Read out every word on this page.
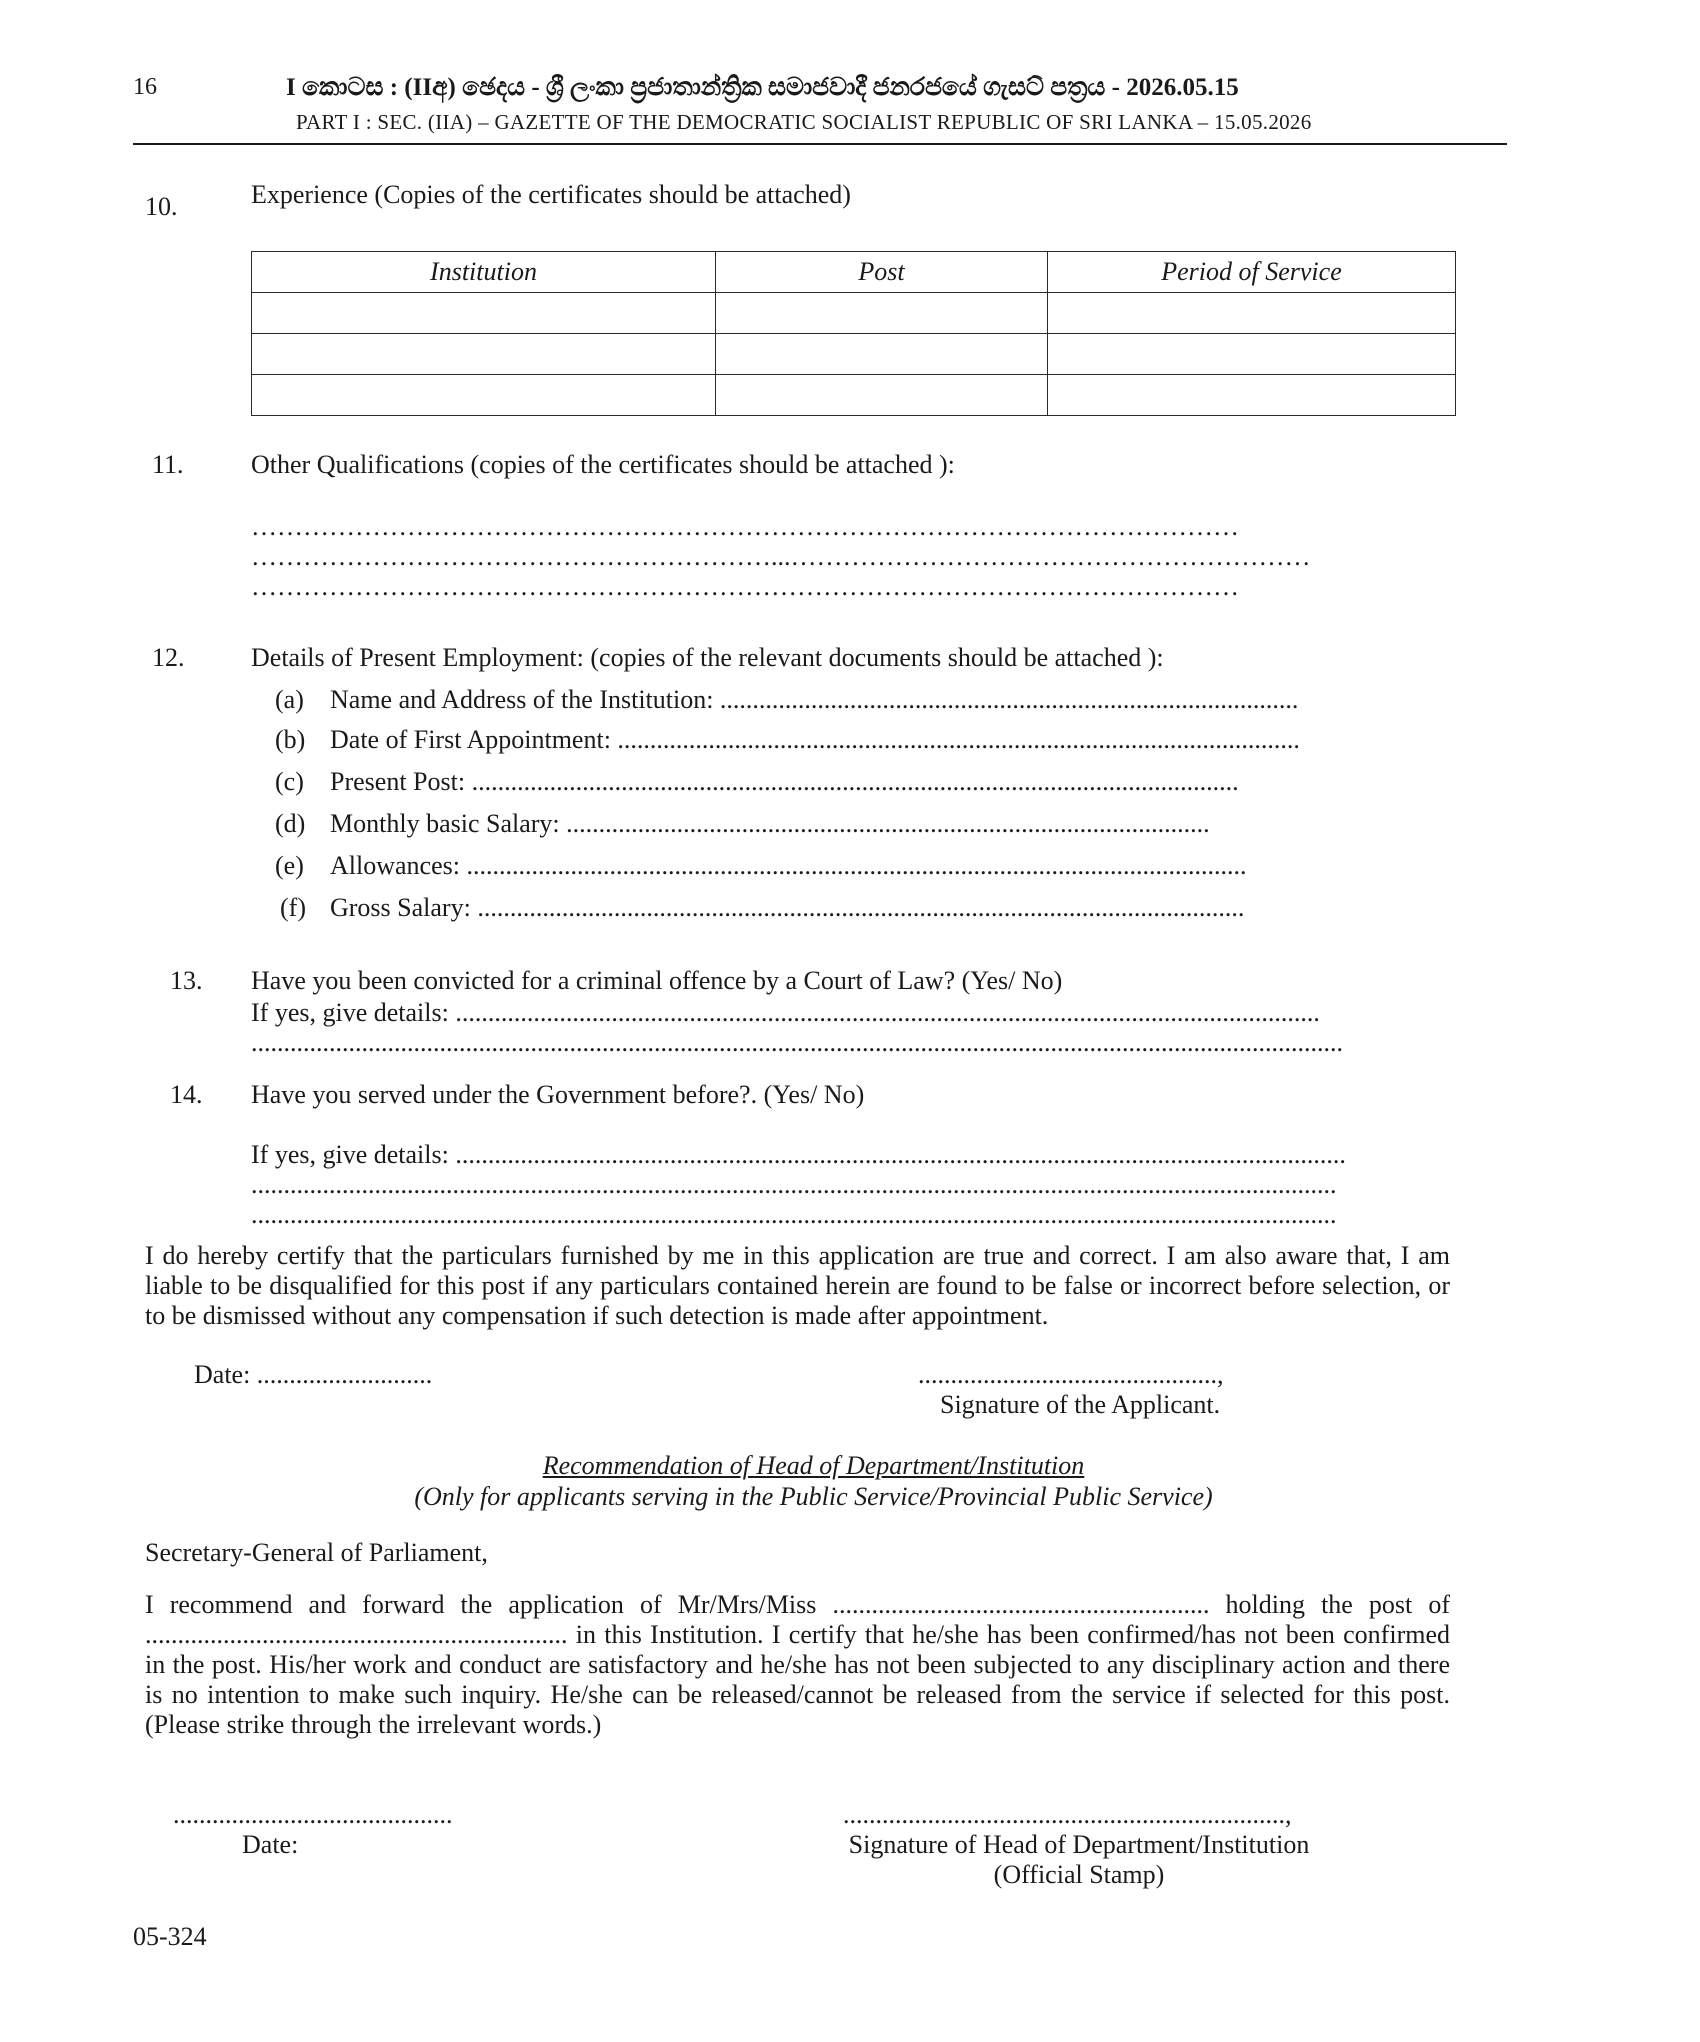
16	I කොටස : (IIඅ) ඡෙදය - ශ්‍රී ලංකා ප්‍රජාතාන්ත්‍රික සමාජවාදී ජනරජයේ ගැසට් පත්‍රය - 2026.05.15
PART I : SEC. (IIA) – GAZETTE OF THE DEMOCRATIC SOCIALIST REPUBLIC OF SRI LANKA – 15.05.2026
10.	Experience (Copies of the certificates should be attached)
Institution	Post	Period of Service

11.	Other Qualifications (copies of the certificates should be attached ):
……………………………………………………………………………………………………
……………………………………………………...……………………………………………………
……………………………………………………………………………………………………
12.	Details of Present Employment: (copies of the relevant documents should be attached ):
(a) Name and Address of the Institution: .........................................................................................
(b) Date of First Appointment: .........................................................................................................
(c) Present Post: ......................................................................................................................
(d) Monthly basic Salary: ...................................................................................................
(e) Allowances: ........................................................................................................................
(f) Gross Salary: ......................................................................................................................
13. Have you been convicted for a criminal offence by a Court of Law? (Yes/ No)
If yes, give details: .....................................................................................................................................
........................................................................................................................................................................
14. Have you served under the Government before?. (Yes/ No)
If yes, give details: .........................................................................................................................................
.......................................................................................................................................................................
.......................................................................................................................................................................
I do hereby certify that the particulars furnished by me in this application are true and correct. I am also aware that, I am liable to be disqualified for this post if any particulars contained herein are found to be false or incorrect before selection, or to be dismissed without any compensation if such detection is made after appointment.
Date: ...........................	..............................................,
Signature of the Applicant.
Recommendation of Head of Department/Institution
(Only for applicants serving in the Public Service/Provincial Public Service)
Secretary-General of Parliament,
I recommend and forward the application of Mr/Mrs/Miss .......................................................... holding the post of ................................................................. in this Institution. I certify that he/she has been confirmed/has not been confirmed in the post. His/her work and conduct are satisfactory and he/she has not been subjected to any disciplinary action and there is no intention to make such inquiry. He/she can be released/cannot be released from the service if selected for this post. (Please strike through the irrelevant words.)
...........................................
Date:
....................................................................,
Signature of Head of Department/Institution
(Official Stamp)
05-324
